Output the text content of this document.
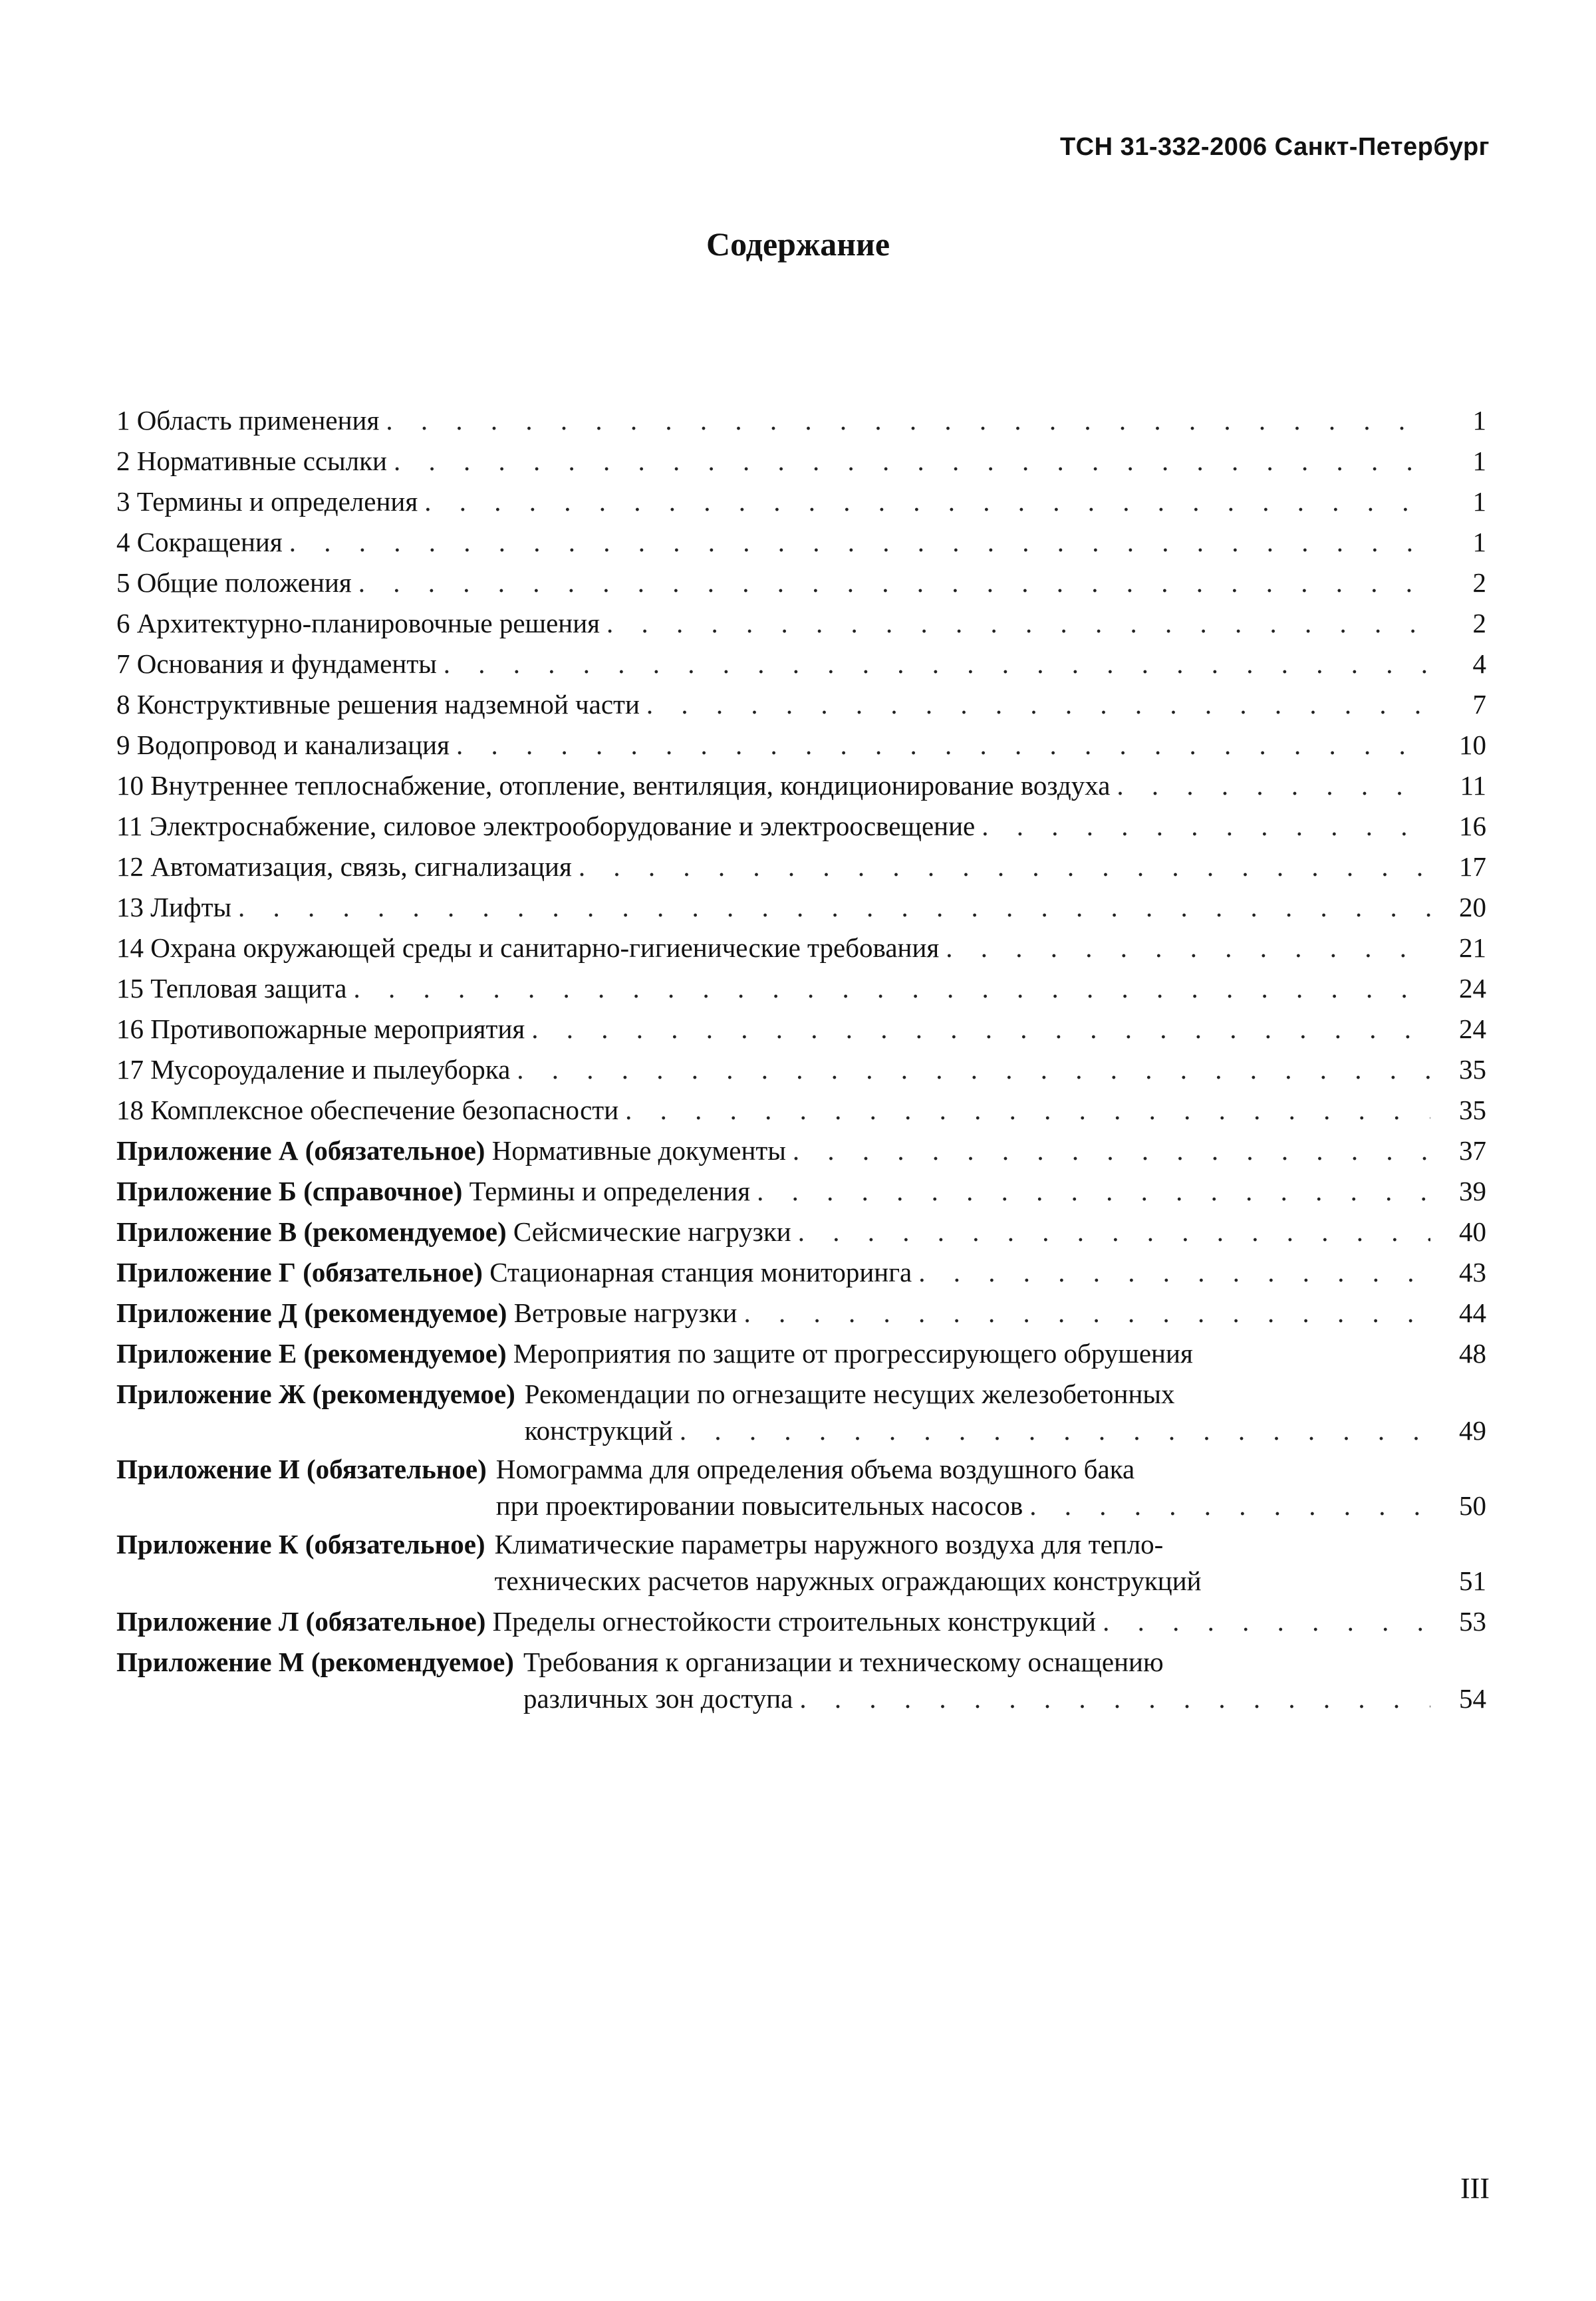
ТСН 31-332-2006 Санкт-Петербург
Содержание
1 Область применения . . .	1
2 Нормативные ссылки . . .	1
3 Термины и определения . . .	1
4 Сокращения . . .	1
5 Общие положения . . .	2
6 Архитектурно-планировочные решения . . .	2
7 Основания и фундаменты . . .	4
8 Конструктивные решения надземной части . . .	7
9 Водопровод и канализация . . .	10
10 Внутреннее теплоснабжение, отопление, вентиляция, кондиционирование воздуха . . .	11
11 Электроснабжение, силовое электрооборудование и электроосвещение . . .	16
12 Автоматизация, связь, сигнализация . . .	17
13 Лифты . . .	20
14 Охрана окружающей среды и санитарно-гигиенические требования . . .	21
15 Тепловая защита . . .	24
16 Противопожарные мероприятия . . .	24
17 Мусороудаление и пылеуборка . . .	35
18 Комплексное обеспечение безопасности . . .	35
Приложение А (обязательное) Нормативные документы . . .	37
Приложение Б (справочное) Термины и определения . . .	39
Приложение В (рекомендуемое) Сейсмические нагрузки . . .	40
Приложение Г (обязательное) Стационарная станция мониторинга . . .	43
Приложение Д (рекомендуемое) Ветровые нагрузки . . .	44
Приложение Е (рекомендуемое) Мероприятия по защите от прогрессирующего обрушения	48
Приложение Ж (рекомендуемое) Рекомендации по огнезащите несущих железобетонных
конструкций . . .	49
Приложение И (обязательное) Номограмма для определения объема воздушного бака
при проектировании повысительных насосов . . .	50
Приложение К (обязательное) Климатические параметры наружного воздуха для тепло-
технических расчетов наружных ограждающих конструкций	51
Приложение Л (обязательное) Пределы огнестойкости строительных конструкций . . .	53
Приложение М (рекомендуемое) Требования к организации и техническому оснащению
различных зон доступа . . .	54
III
